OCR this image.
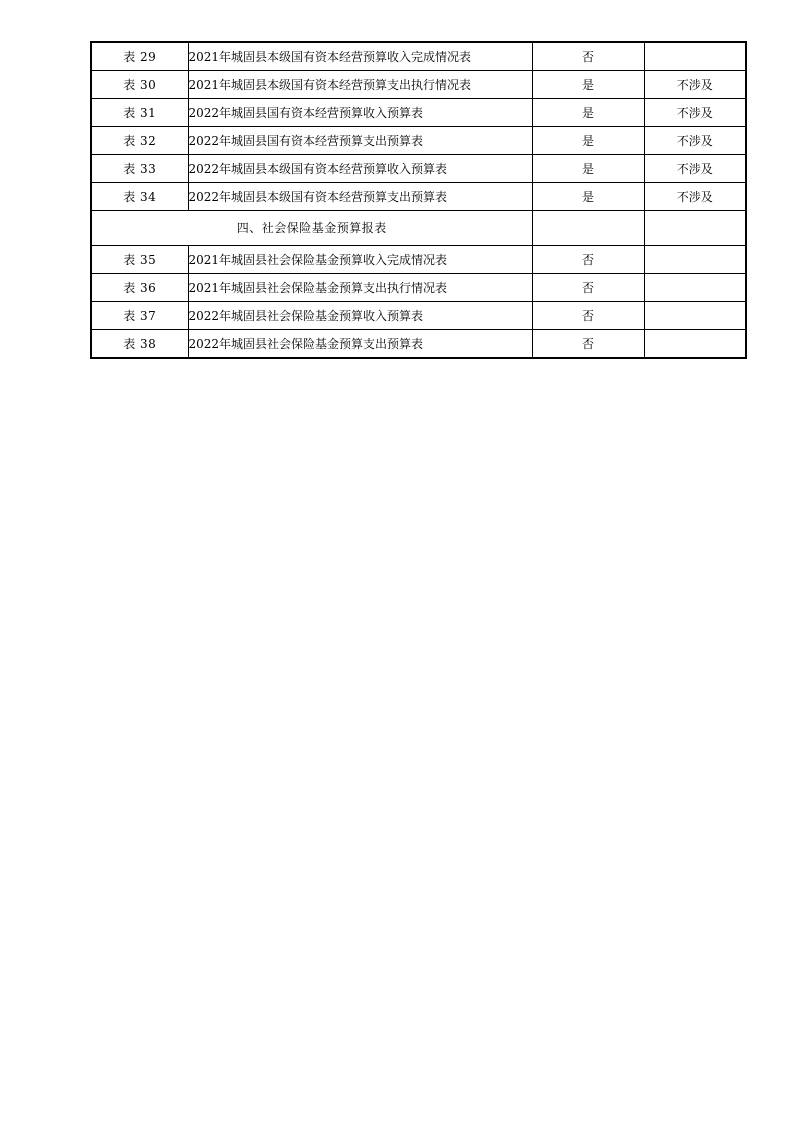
表 29	2021年城固县本级国有资本经营预算收入完成情况表	否	
表 30	2021年城固县本级国有资本经营预算支出执行情况表	是	不涉及
表 31	2022年城固县国有资本经营预算收入预算表	是	不涉及
表 32	2022年城固县国有资本经营预算支出预算表	是	不涉及
表 33	2022年城固县本级国有资本经营预算收入预算表	是	不涉及
表 34	2022年城固县本级国有资本经营预算支出预算表	是	不涉及
四、社会保险基金预算报表			
表 35	2021年城固县社会保险基金预算收入完成情况表	否	
表 36	2021年城固县社会保险基金预算支出执行情况表	否	
表 37	2022年城固县社会保险基金预算收入预算表	否	
表 38	2022年城固县社会保险基金预算支出预算表	否	
